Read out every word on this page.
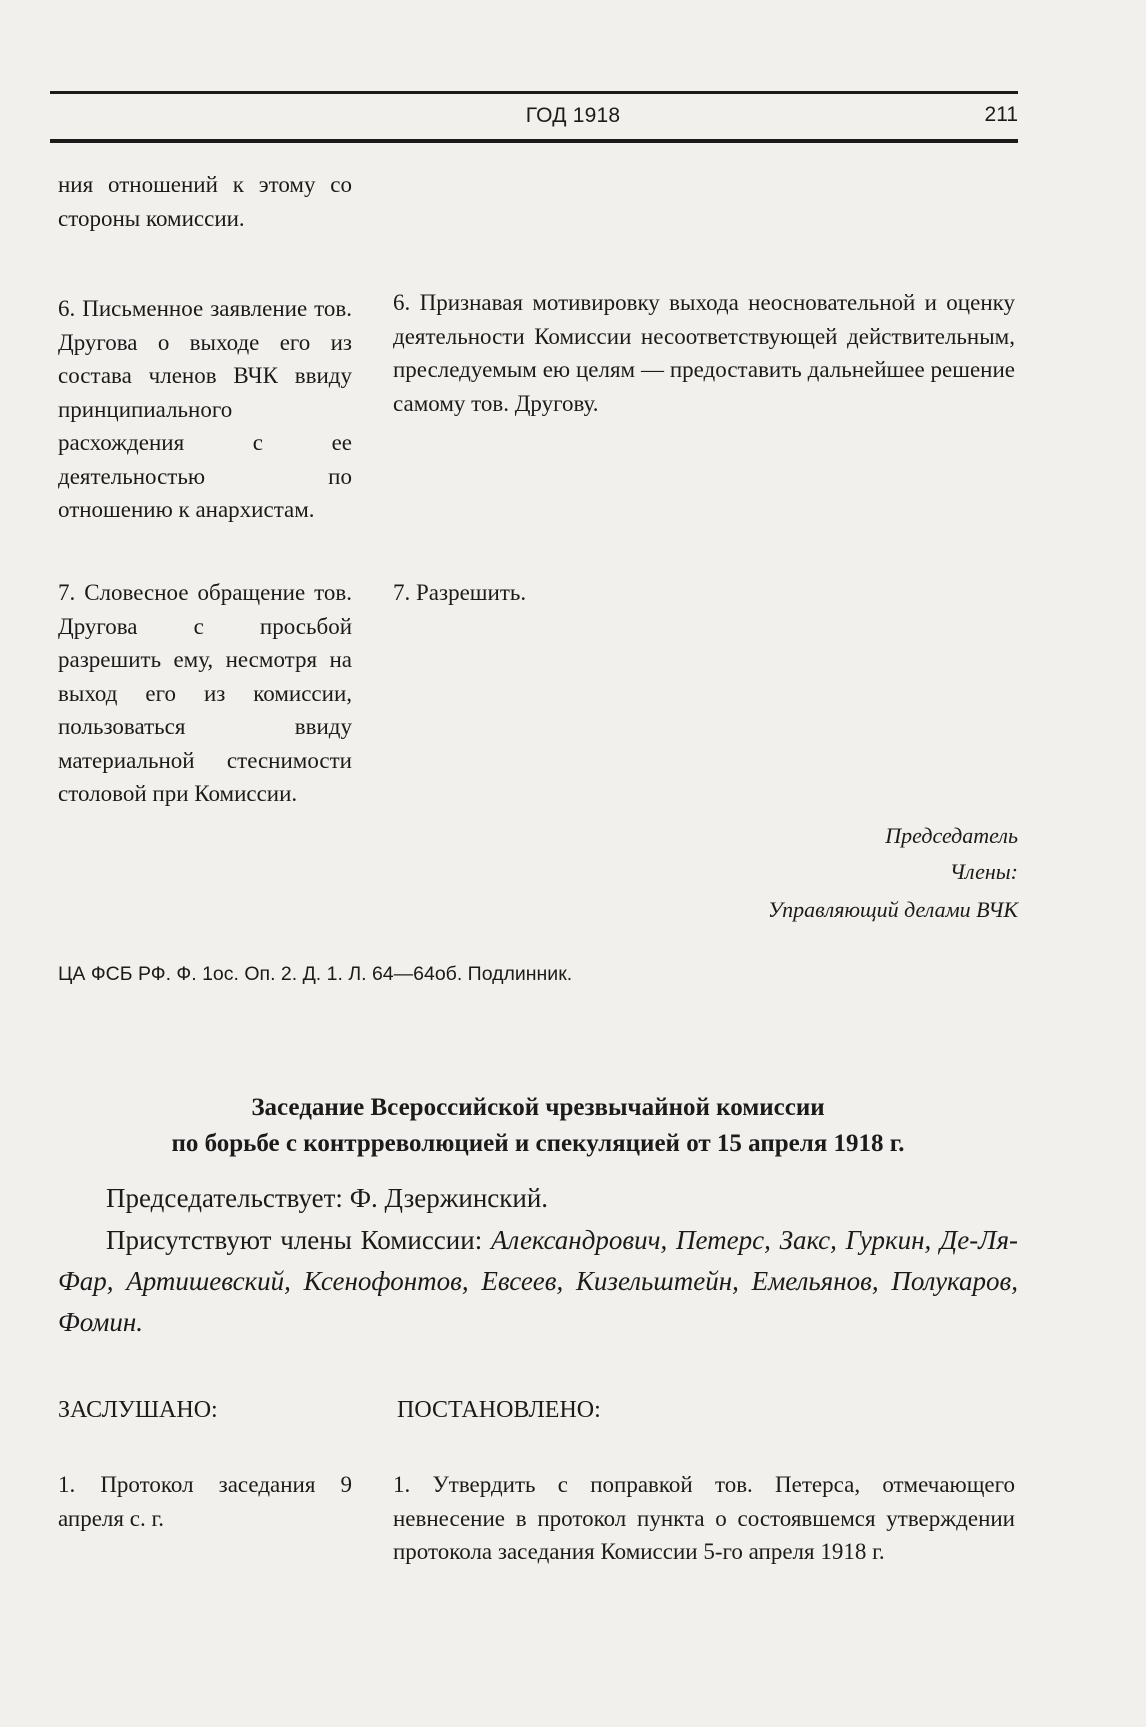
ГОД 1918	211
ния отношений к этому со стороны комиссии.
6. Письменное заявление тов. Другова о выходе его из состава членов ВЧК ввиду принципиального расхождения с ее деятельностью по отношению к анархистам.
6. Признавая мотивировку выхода неосновательной и оценку деятельности Комиссии несоответствующей действительным, преследуемым ею целям — предоставить дальнейшее решение самому тов. Другову.
7. Словесное обращение тов. Другова с просьбой разрешить ему, несмотря на выход его из комиссии, пользоваться ввиду материальной стеснимости столовой при Комиссии.
7. Разрешить.
Председатель
Члены:
Управляющий делами ВЧК
ЦА ФСБ РФ. Ф. 1ос. Оп. 2. Д. 1. Л. 64—64об. Подлинник.
Заседание Всероссийской чрезвычайной комиссии
по борьбе с контрреволюцией и спекуляцией от 15 апреля 1918 г.
Председательствует: Ф. Дзержинский.
Присутствуют члены Комиссии: Александрович, Петерс, Закс, Гуркин, Де-Ля-Фар, Артишевский, Ксенофонтов, Евсеев, Кизельштейн, Емельянов, Полукаров, Фомин.
ЗАСЛУШАНО:	ПОСТАНОВЛЕНО:
1. Протокол заседания 9 апреля с. г.
1. Утвердить с поправкой тов. Петерса, отмечающего невнесение в протокол пункта о состоявшемся утверждении протокола заседания Комиссии 5-го апреля 1918 г.
